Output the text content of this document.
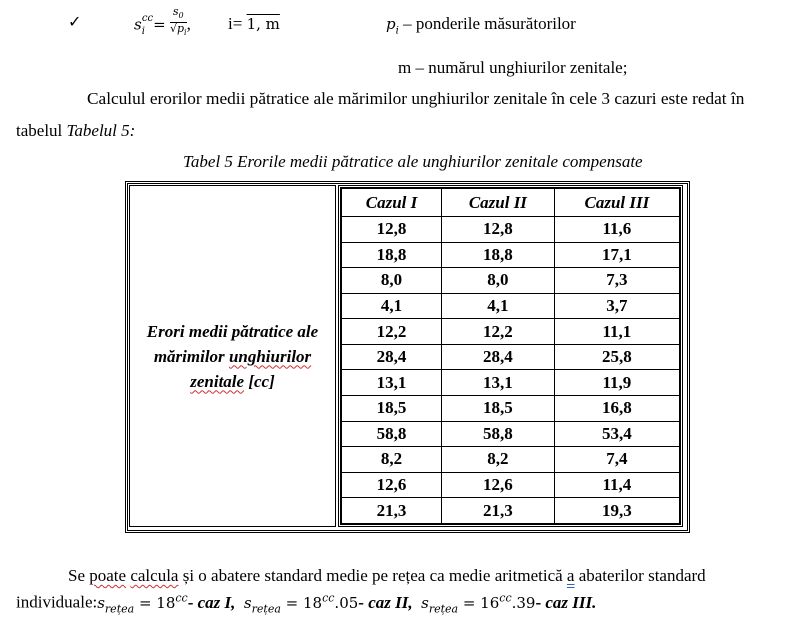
✓	$s_i^{cc}= \frac{s_0}{√p_i}$ , i= 1, m	$p_i$ – ponderile măsurătorilor
m – numărul unghiurilor zenitale;
Calculul erorilor medii pătratice ale mărimilor unghiurilor zenitale în cele 3 cazuri este redat în
tabelul Tabelul 5:
Tabel 5 Erorile medii pătratice ale unghiurilor zenitale compensate
Erori medii pătratice ale mărimilor unghiurilor zenitale [cc]
Cazul I	Cazul II	Cazul III
12,8	12,8	11,6
18,8	18,8	17,1
8,0	8,0	7,3
4,1	4,1	3,7
12,2	12,2	11,1
28,4	28,4	25,8
13,1	13,1	11,9
18,5	18,5	16,8
58,8	58,8	53,4
8,2	8,2	7,4
12,6	12,6	11,4
21,3	21,3	19,3
Se poate calcula și o abatere standard medie pe rețea ca medie aritmetică a abaterilor standard
$individuale:s_{rețea} = 18^{cc}-$ caz I, $s_{rețea} = 18^{cc}.05-$ caz II, $s_{rețea} = 16^{cc}.39-$ caz III.
